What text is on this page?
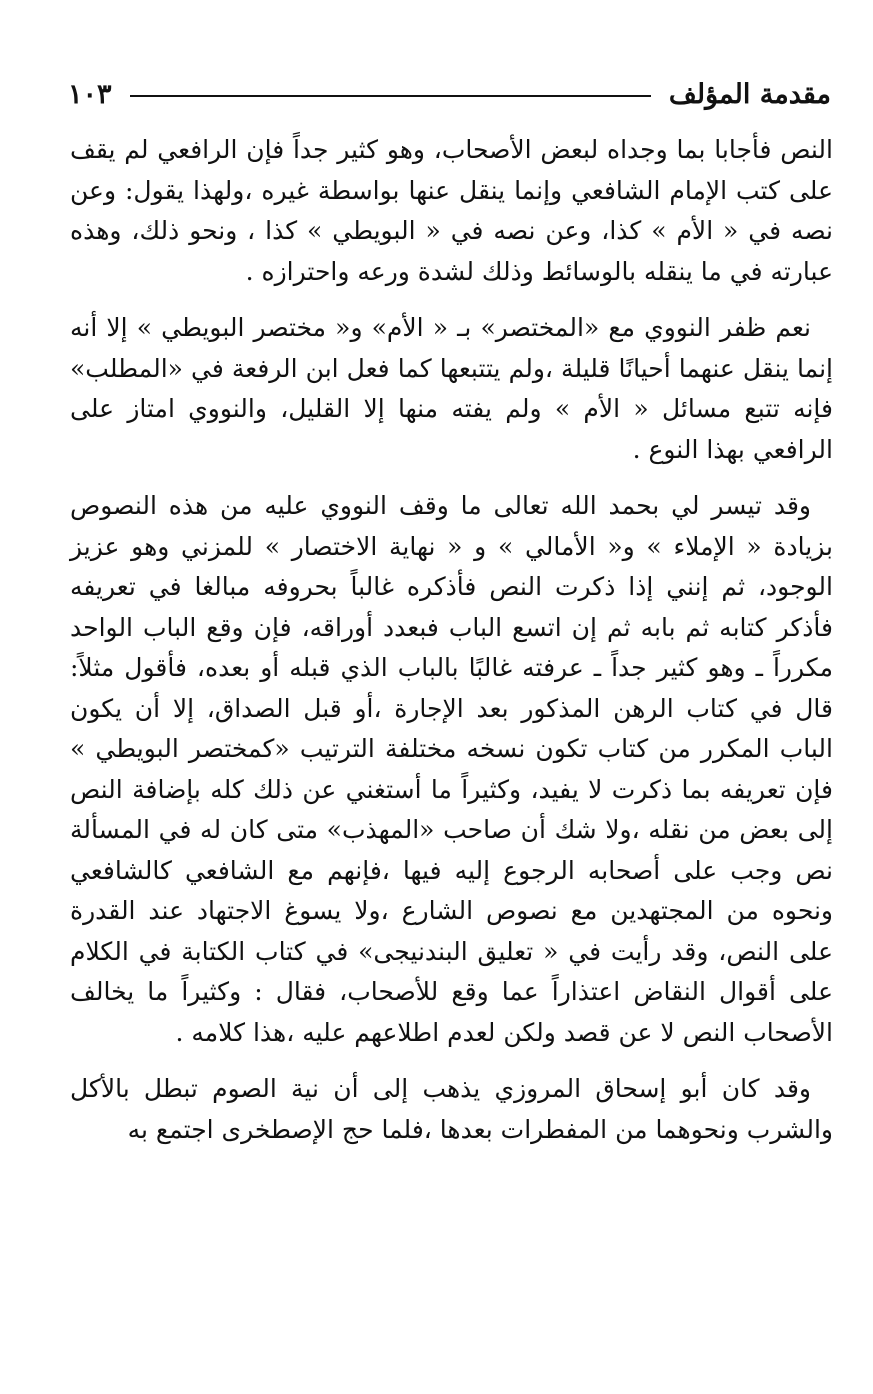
مقدمة المؤلف
١٠٣

النص فأجابا بما وجداه لبعض الأصحاب، وهو كثير جداً فإن الرافعي لم يقف على كتب الإمام الشافعي وإنما ينقل عنها بواسطة غيره ،ولهذا يقول: وعن نصه في « الأم » كذا، وعن نصه في « البويطي » كذا ، ونحو ذلك، وهذه عبارته في ما ينقله بالوسائط وذلك لشدة ورعه واحترازه .

نعم ظفر النووي مع «المختصر» بـ « الأم» و« مختصر البويطي » إلا أنه إنما ينقل عنهما أحيانًا قليلة ،ولم يتتبعها كما فعل ابن الرفعة في «المطلب» فإنه تتبع مسائل « الأم » ولم يفته منها إلا القليل، والنووي امتاز على الرافعي بهذا النوع .

وقد تيسر لي بحمد الله تعالى ما وقف النووي عليه من هذه النصوص بزيادة « الإملاء » و« الأمالي » و « نهاية الاختصار » للمزني وهو عزيز الوجود، ثم إنني إذا ذكرت النص فأذكره غالباً بحروفه مبالغا في تعريفه فأذكر كتابه ثم بابه ثم إن اتسع الباب فبعدد أوراقه، فإن وقع الباب الواحد مكرراً ـ وهو كثير جداً ـ عرفته غالبًا بالباب الذي قبله أو بعده، فأقول مثلاً: قال في كتاب الرهن المذكور بعد الإجارة ،أو قبل الصداق، إلا أن يكون الباب المكرر من كتاب تكون نسخه مختلفة الترتيب «كمختصر البويطي » فإن تعريفه بما ذكرت لا يفيد، وكثيراً ما أستغني عن ذلك كله بإضافة النص إلى بعض من نقله ،ولا شك أن صاحب «المهذب» متى كان له في المسألة نص وجب على أصحابه الرجوع إليه فيها ،فإنهم مع الشافعي كالشافعي ونحوه من المجتهدين مع نصوص الشارع ،ولا يسوغ الاجتهاد عند القدرة على النص، وقد رأيت في « تعليق البندنيجى» في كتاب الكتابة في الكلام على أقوال النقاض اعتذاراً عما وقع للأصحاب، فقال : وكثيراً ما يخالف الأصحاب النص لا عن قصد ولكن لعدم اطلاعهم عليه ،هذا كلامه .

وقد كان أبو إسحاق المروزي يذهب إلى أن نية الصوم تبطل بالأكل والشرب ونحوهما من المفطرات بعدها ،فلما حج الإصطخرى اجتمع به
